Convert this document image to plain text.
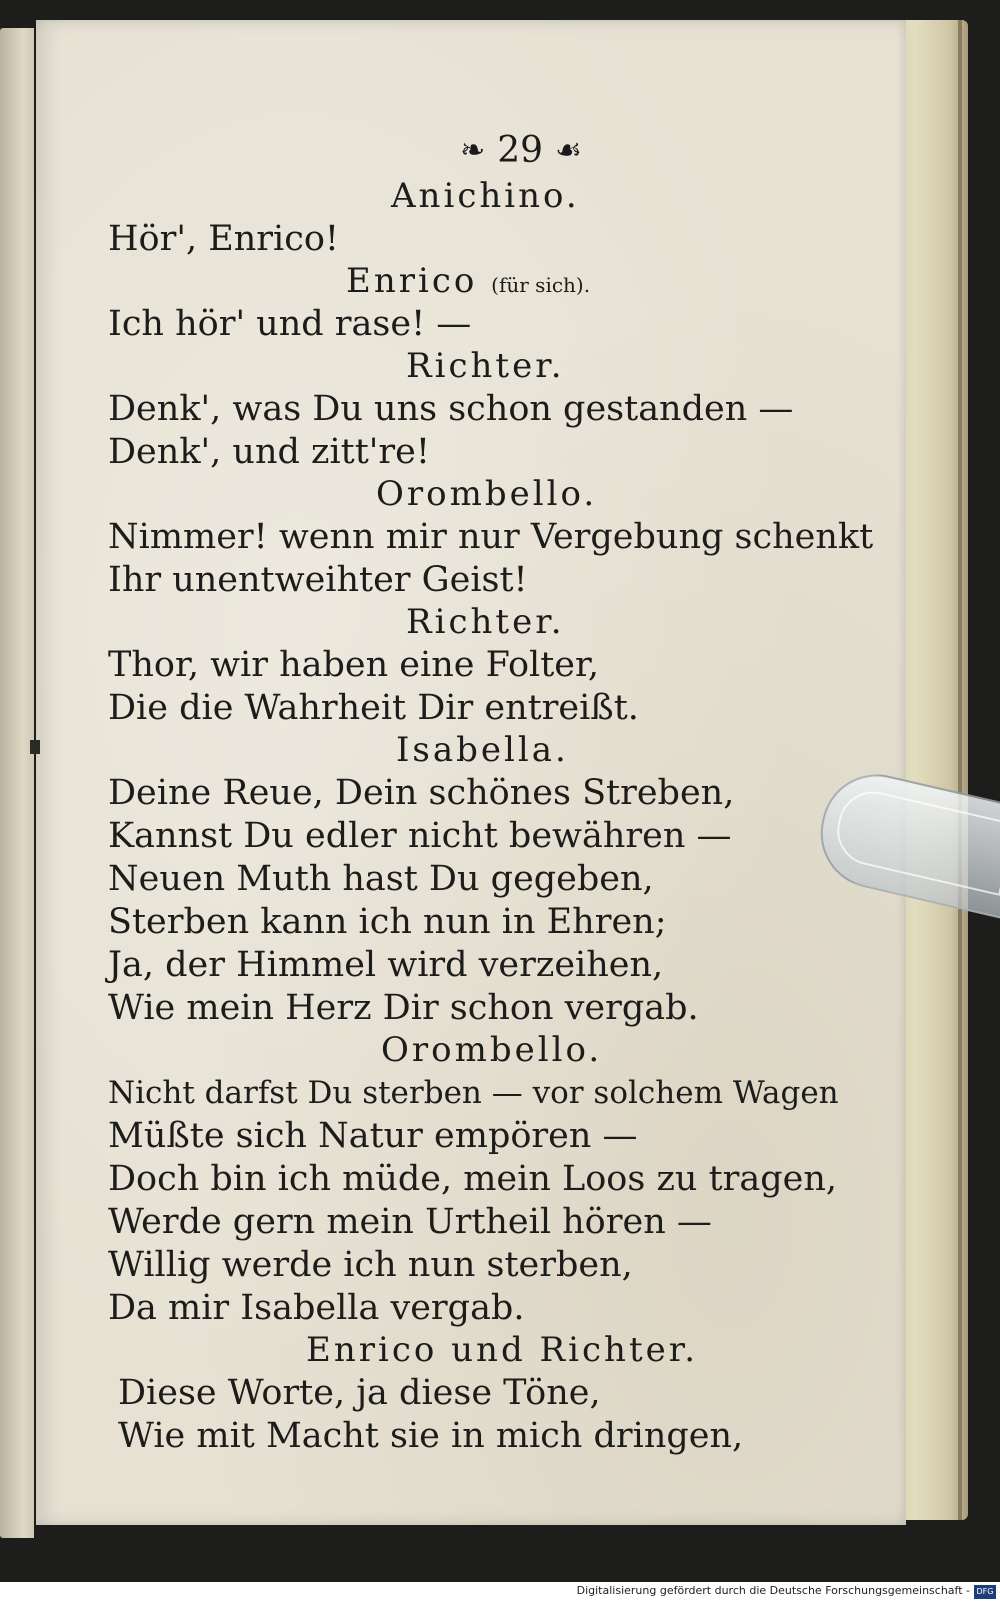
❧ 29 ☙
Anichino.
Hör', Enrico!
Enrico (für sich).
Ich hör' und rase! —
Richter.
Denk', was Du uns schon gestanden —
Denk', und zitt're!
Orombello.
Nimmer! wenn mir nur Vergebung schenkt
Ihr unentweihter Geist!
Richter.
Thor, wir haben eine Folter,
Die die Wahrheit Dir entreißt.
Isabella.
Deine Reue, Dein schönes Streben,
Kannst Du edler nicht bewähren —
Neuen Muth hast Du gegeben,
Sterben kann ich nun in Ehren;
Ja, der Himmel wird verzeihen,
Wie mein Herz Dir schon vergab.
Orombello.
Nicht darfst Du sterben — vor solchem Wagen
Müßte sich Natur empören —
Doch bin ich müde, mein Loos zu tragen,
Werde gern mein Urtheil hören —
Willig werde ich nun sterben,
Da mir Isabella vergab.
Enrico und Richter.
Diese Worte, ja diese Töne,
Wie mit Macht sie in mich dringen,
Digitalisierung gefördert durch die Deutsche Forschungsgemeinschaft - DFG
